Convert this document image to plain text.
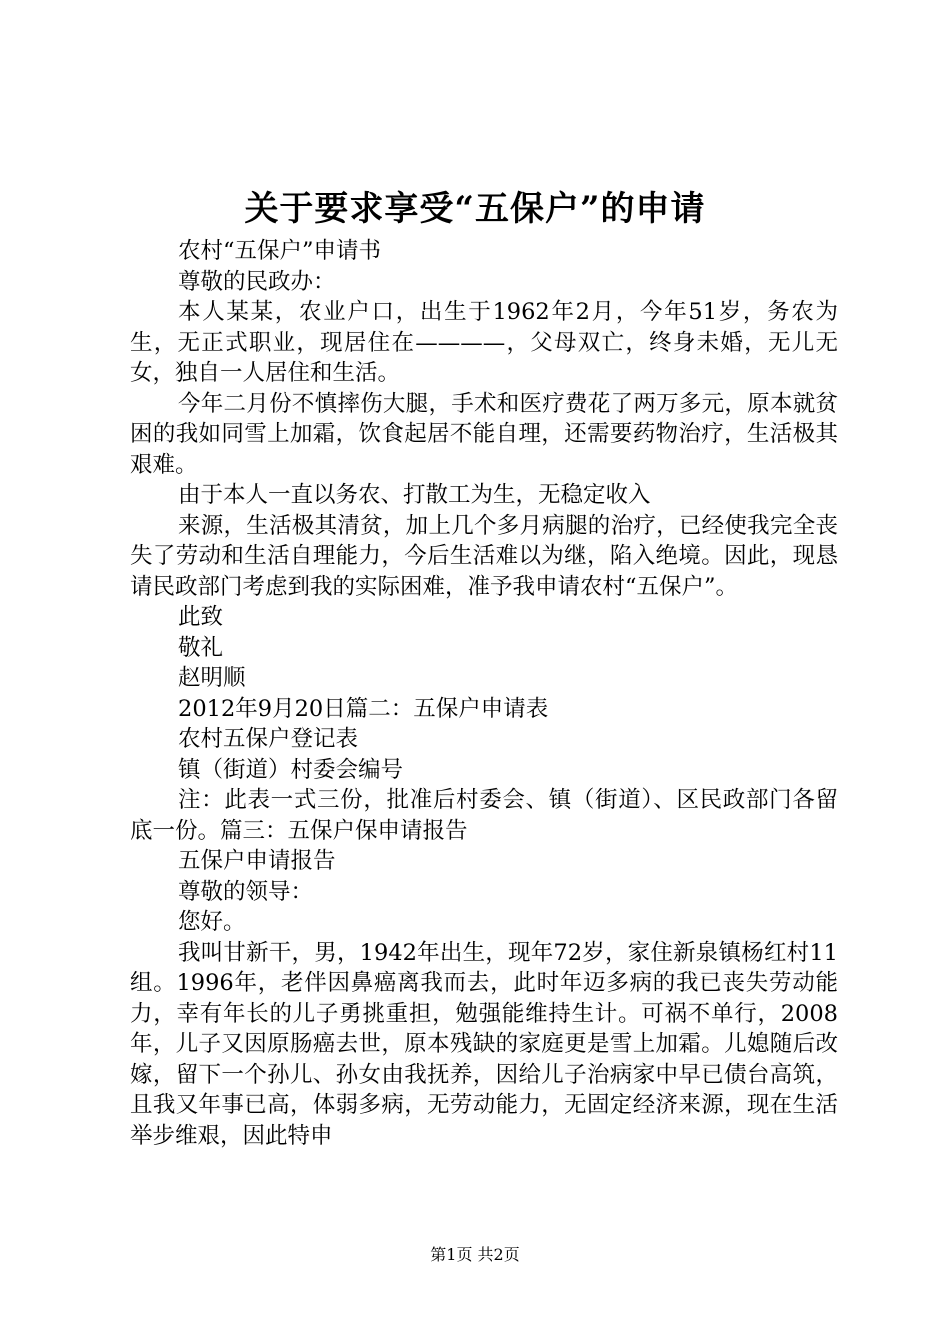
关于要求享受“五保户”的申请

农村“五保户”申请书

尊敬的民政办：

本人某某，农业户口，出生于1962年2月，今年51岁，务农为生，无正式职业，现居住在————，父母双亡，终身未婚，无儿无女，独自一人居住和生活。

今年二月份不慎摔伤大腿，手术和医疗费花了两万多元，原本就贫困的我如同雪上加霜，饮食起居不能自理，还需要药物治疗，生活极其艰难。

由于本人一直以务农、打散工为生，无稳定收入

来源，生活极其清贫，加上几个多月病腿的治疗，已经使我完全丧失了劳动和生活自理能力，今后生活难以为继，陷入绝境。因此，现恳请民政部门考虑到我的实际困难，准予我申请农村“五保户”。

此致

敬礼

赵明顺

2012年9月20日篇二：五保户申请表

农村五保户登记表

镇（街道）村委会编号

注：此表一式三份，批准后村委会、镇（街道）、区民政部门各留底一份。篇三：五保户保申请报告

五保户申请报告

尊敬的领导：

您好。

我叫甘新干，男，1942年出生，现年72岁，家住新泉镇杨红村11组。1996年，老伴因鼻癌离我而去，此时年迈多病的我已丧失劳动能力，幸有年长的儿子勇挑重担，勉强能维持生计。可祸不单行，2008年，儿子又因原肠癌去世，原本残缺的家庭更是雪上加霜。儿媳随后改嫁，留下一个孙儿、孙女由我抚养，因给儿子治病家中早已债台高筑，且我又年事已高，体弱多病，无劳动能力，无固定经济来源，现在生活举步维艰，因此特申

第1页 共2页
